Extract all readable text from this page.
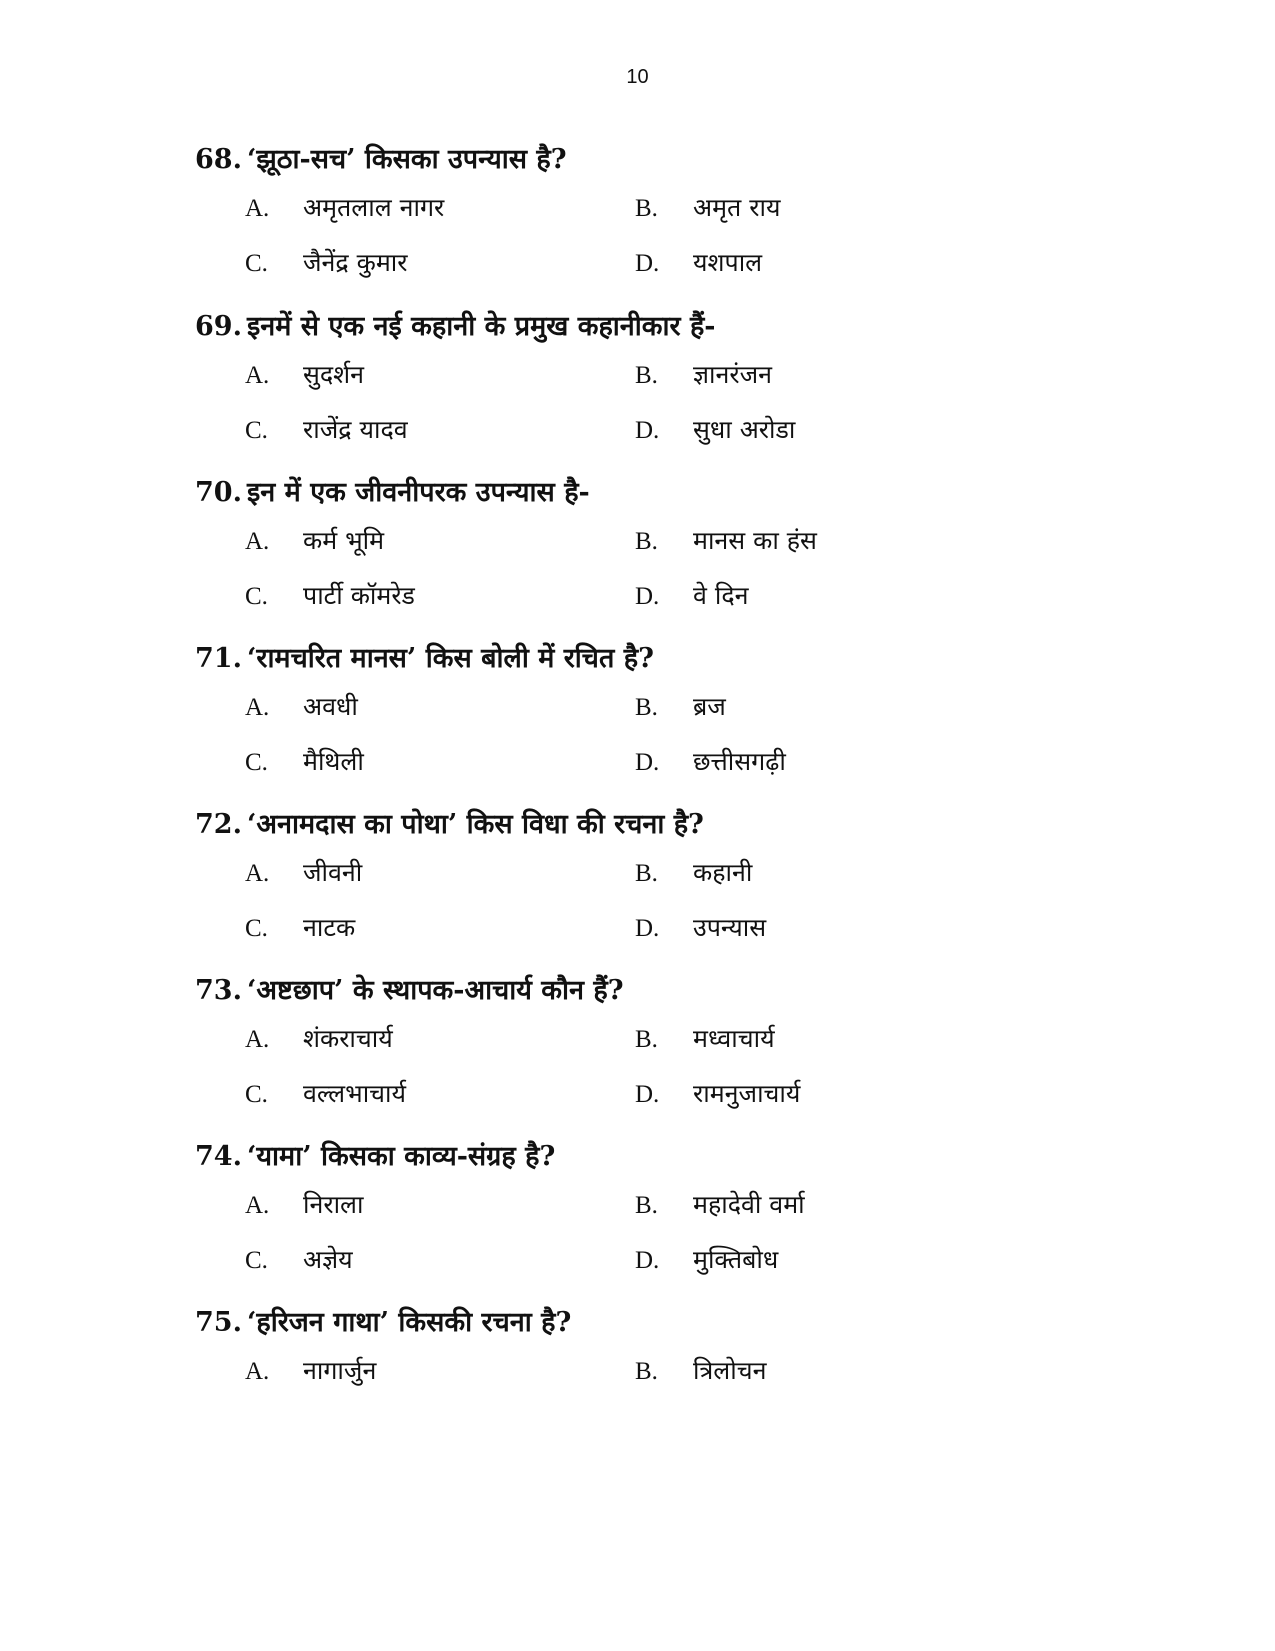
10
68. ‘झूठा-सच’ किसका उपन्यास है?
A. अमृतलाल नागर	B. अमृत राय
C. जैनेंद्र कुमार	D. यशपाल
69. इनमें से एक नई कहानी के प्रमुख कहानीकार हैं-
A. सुदर्शन	B. ज्ञानरंजन
C. राजेंद्र यादव	D. सुधा अरोडा
70. इन में एक जीवनीपरक उपन्यास है-
A. कर्म भूमि	B. मानस का हंस
C. पार्टी कॉमरेड	D. वे दिन
71. ‘रामचरित मानस’ किस बोली में रचित है?
A. अवधी	B. ब्रज
C. मैथिली	D. छत्तीसगढ़ी
72. ‘अनामदास का पोथा’ किस विधा की रचना है?
A. जीवनी	B. कहानी
C. नाटक	D. उपन्यास
73. ‘अष्टछाप’ के स्थापक-आचार्य कौन हैं?
A. शंकराचार्य	B. मध्वाचार्य
C. वल्लभाचार्य	D. रामनुजाचार्य
74. ‘यामा’ किसका काव्य-संग्रह है?
A. निराला	B. महादेवी वर्मा
C. अज्ञेय	D. मुक्तिबोध
75. ‘हरिजन गाथा’ किसकी रचना है?
A. नागार्जुन	B. त्रिलोचन
